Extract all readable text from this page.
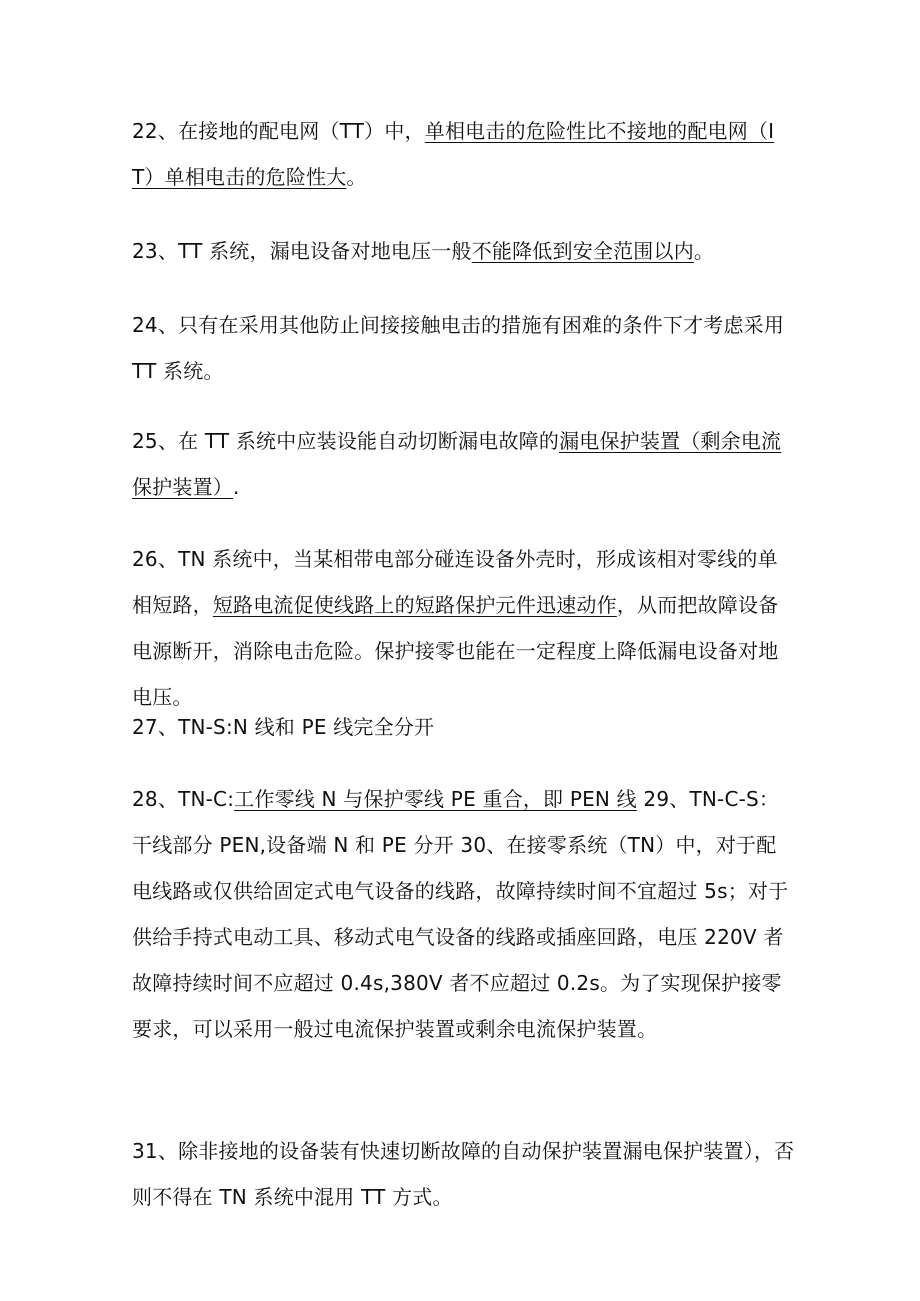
22、在接地的配电网（TT）中，单相电击的危险性比不接地的配电网（IT）单相电击的危险性大。

23、TT 系统，漏电设备对地电压一般不能降低到安全范围以内。

24、只有在采用其他防止间接接触电击的措施有困难的条件下才考虑采用 TT 系统。

25、在 TT 系统中应装设能自动切断漏电故障的漏电保护装置（剩余电流保护装置）.

26、TN 系统中，当某相带电部分碰连设备外壳时，形成该相对零线的单相短路，短路电流促使线路上的短路保护元件迅速动作，从而把故障设备电源断开，消除电击危险。保护接零也能在一定程度上降低漏电设备对地电压。

27、TN-S:N 线和 PE 线完全分开

28、TN-C:工作零线 N 与保护零线 PE 重合，即 PEN 线 29、TN-C-S：干线部分 PEN,设备端 N 和 PE 分开 30、在接零系统（TN）中，对于配电线路或仅供给固定式电气设备的线路，故障持续时间不宜超过 5s；对于供给手持式电动工具、移动式电气设备的线路或插座回路，电压 220V 者故障持续时间不应超过 0.4s,380V 者不应超过 0.2s。为了实现保护接零要求，可以采用一般过电流保护装置或剩余电流保护装置。

31、除非接地的设备装有快速切断故障的自动保护装置漏电保护装置），否则不得在 TN 系统中混用 TT 方式。
